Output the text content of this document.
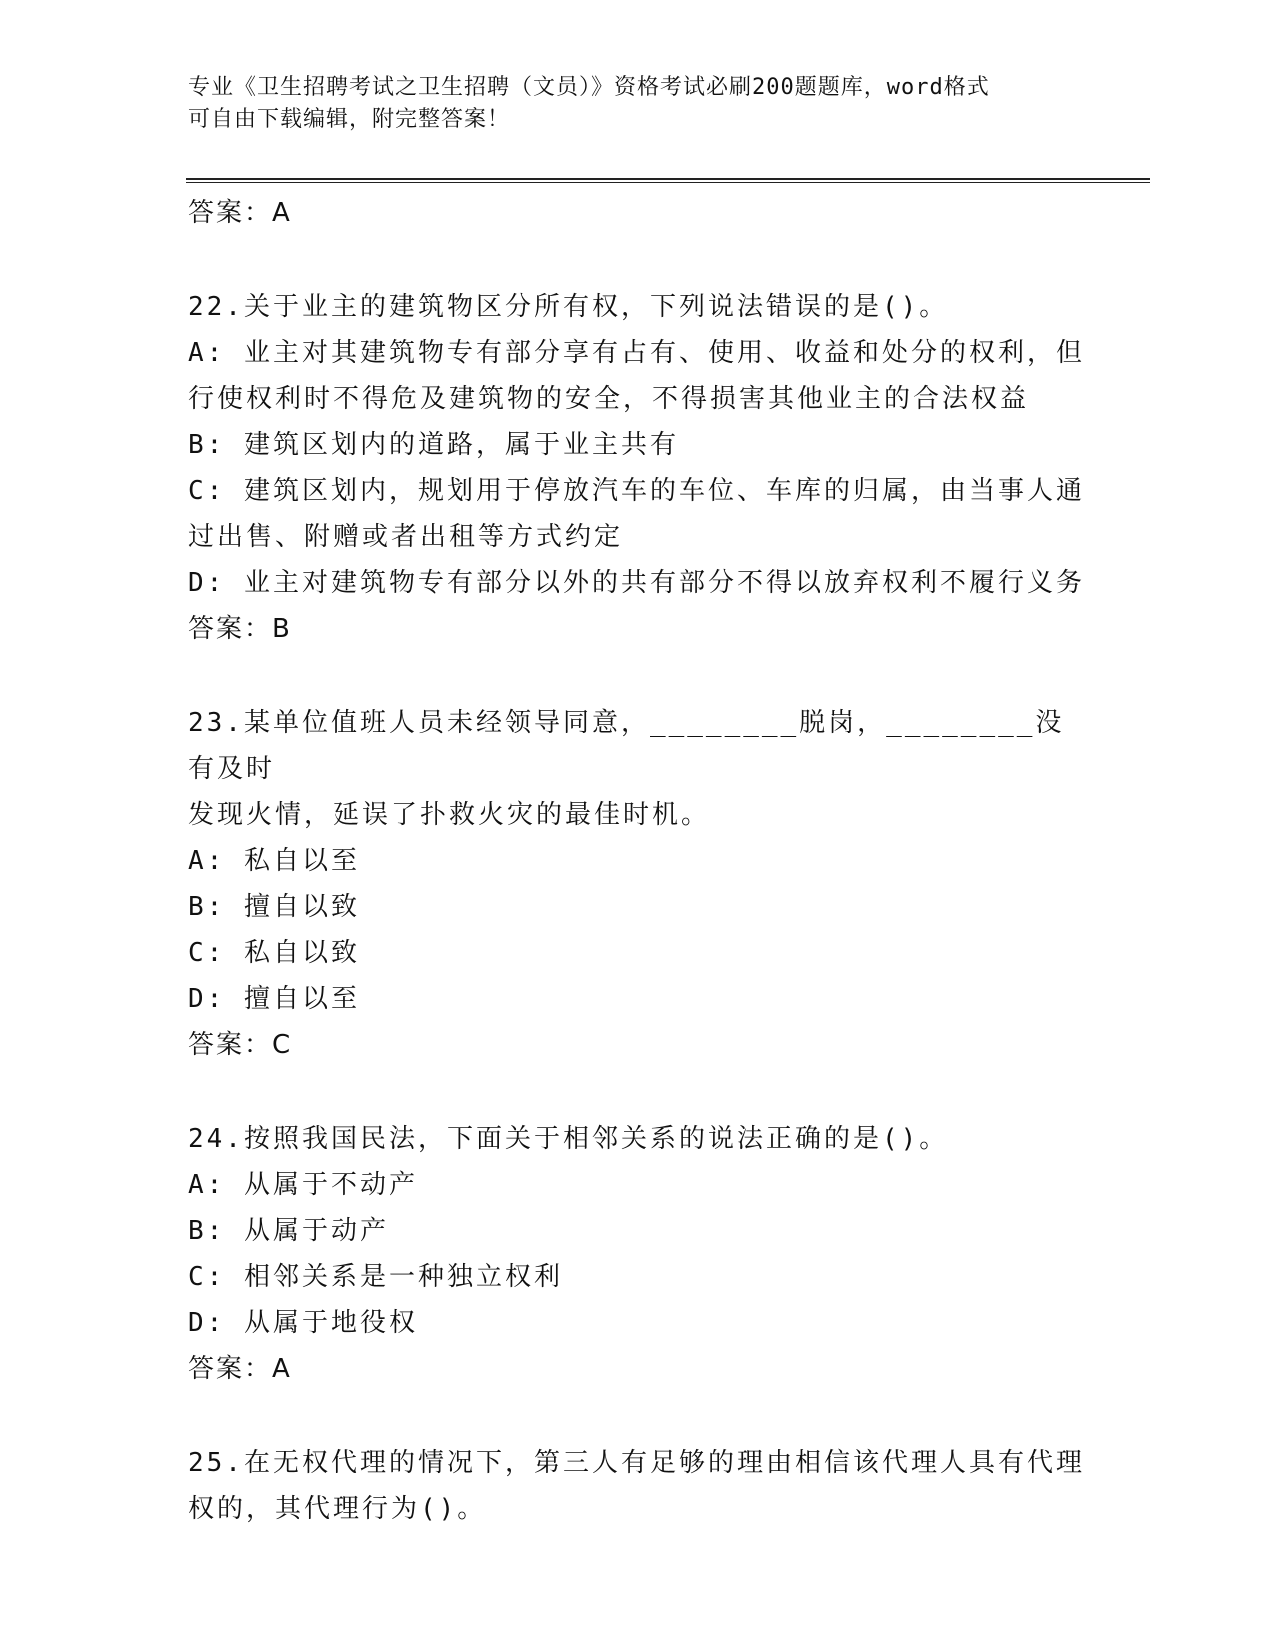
专业《卫生招聘考试之卫生招聘（文员）》资格考试必刷200题题库，word格式
可自由下载编辑，附完整答案！
答案：A
22.关于业主的建筑物区分所有权，下列说法错误的是()。
A: 业主对其建筑物专有部分享有占有、使用、收益和处分的权利，但
行使权利时不得危及建筑物的安全，不得损害其他业主的合法权益
B: 建筑区划内的道路，属于业主共有
C: 建筑区划内，规划用于停放汽车的车位、车库的归属，由当事人通
过出售、附赠或者出租等方式约定
D: 业主对建筑物专有部分以外的共有部分不得以放弃权利不履行义务
答案：B
23.某单位值班人员未经领导同意，________脱岗，________没有及时
发现火情，延误了扑救火灾的最佳时机。
A: 私自以至
B: 擅自以致
C: 私自以致
D: 擅自以至
答案：C
24.按照我国民法，下面关于相邻关系的说法正确的是()。
A: 从属于不动产
B: 从属于动产
C: 相邻关系是一种独立权利
D: 从属于地役权
答案：A
25.在无权代理的情况下，第三人有足够的理由相信该代理人具有代理
权的，其代理行为()。
